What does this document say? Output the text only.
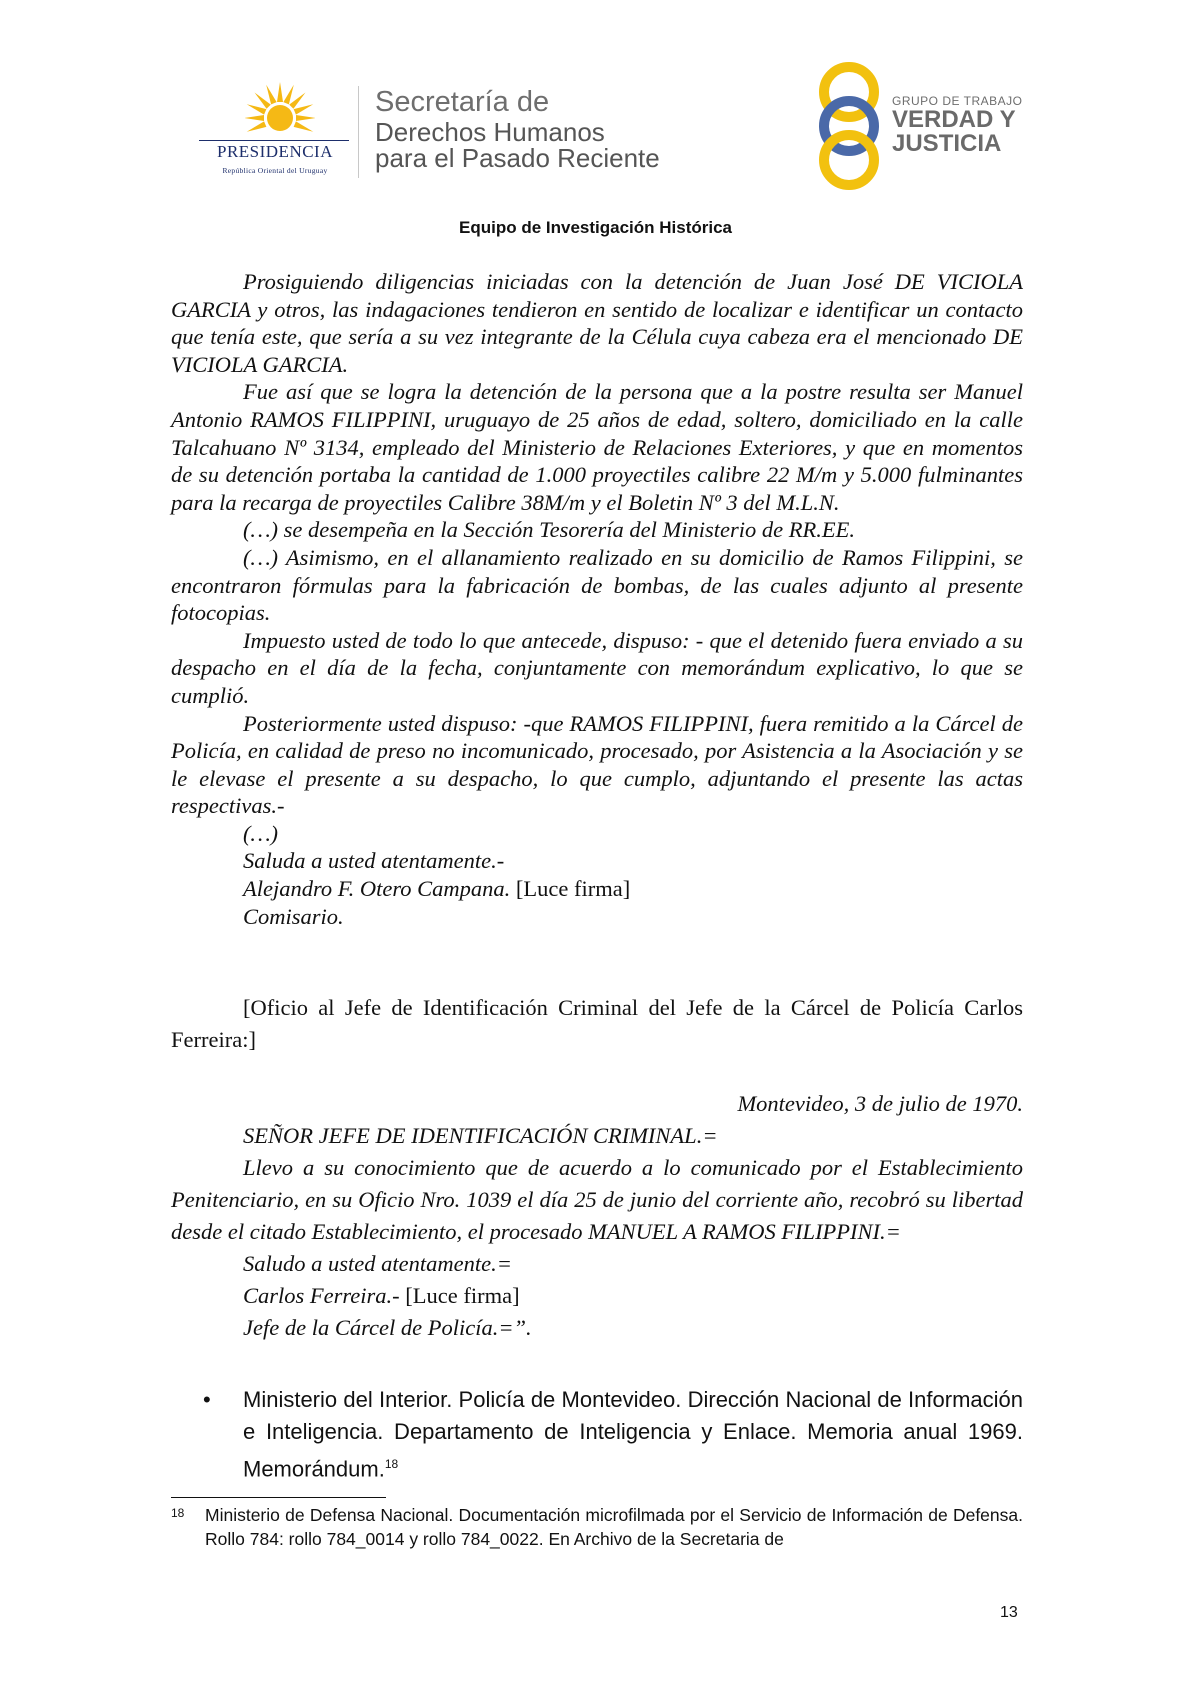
PRESIDENCIA
República Oriental del Uruguay
Secretaría de
Derechos Humanos
para el Pasado Reciente
GRUPO DE TRABAJO
VERDAD Y
JUSTICIA
Equipo de Investigación Histórica

Prosiguiendo diligencias iniciadas con la detención de Juan José DE VICIOLA GARCIA y otros, las indagaciones tendieron en sentido de localizar e identificar un contacto que tenía este, que sería a su vez integrante de la Célula cuya cabeza era el mencionado DE VICIOLA GARCIA.

Fue así que se logra la detención de la persona que a la postre resulta ser Manuel Antonio RAMOS FILIPPINI, uruguayo de 25 años de edad, soltero, domiciliado en la calle Talcahuano Nº 3134, empleado del Ministerio de Relaciones Exteriores, y que en momentos de su detención portaba la cantidad de 1.000 proyectiles calibre 22 M/m y 5.000 fulminantes para la recarga de proyectiles Calibre 38M/m y el Boletin Nº 3 del M.L.N.

(…) se desempeña en la Sección Tesorería del Ministerio de RR.EE.

(…) Asimismo, en el allanamiento realizado en su domicilio de Ramos Filippini, se encontraron fórmulas para la fabricación de bombas, de las cuales adjunto al presente fotocopias.

Impuesto usted de todo lo que antecede, dispuso: - que el detenido fuera enviado a su despacho en el día de la fecha, conjuntamente con memorándum explicativo, lo que se cumplió.

Posteriormente usted dispuso: -que RAMOS FILIPPINI, fuera remitido a la Cárcel de Policía, en calidad de preso no incomunicado, procesado, por Asistencia a la Asociación y se le elevase el presente a su despacho, lo que cumplo, adjuntando el presente las actas respectivas.-

(…)

Saluda a usted atentamente.-

Alejandro F. Otero Campana. [Luce firma]

Comisario.

[Oficio al Jefe de Identificación Criminal del Jefe de la Cárcel de Policía Carlos Ferreira:]

Montevideo, 3 de julio de 1970.

SEÑOR JEFE DE IDENTIFICACIÓN CRIMINAL.=

Llevo a su conocimiento que de acuerdo a lo comunicado por el Establecimiento Penitenciario, en su Oficio Nro. 1039 el día 25 de junio del corriente año, recobró su libertad desde el citado Establecimiento, el procesado MANUEL A RAMOS FILIPPINI.=

Saludo a usted atentamente.=

Carlos Ferreira.- [Luce firma]

Jefe de la Cárcel de Policía.=”.

•	Ministerio del Interior. Policía de Montevideo. Dirección Nacional de Información e Inteligencia. Departamento de Inteligencia y Enlace. Memoria anual 1969. Memorándum.$^{18}$
18 Ministerio de Defensa Nacional. Documentación microfilmada por el Servicio de Información de Defensa. Rollo 784: rollo 784_0014 y rollo 784_0022. En Archivo de la Secretaria de
13
